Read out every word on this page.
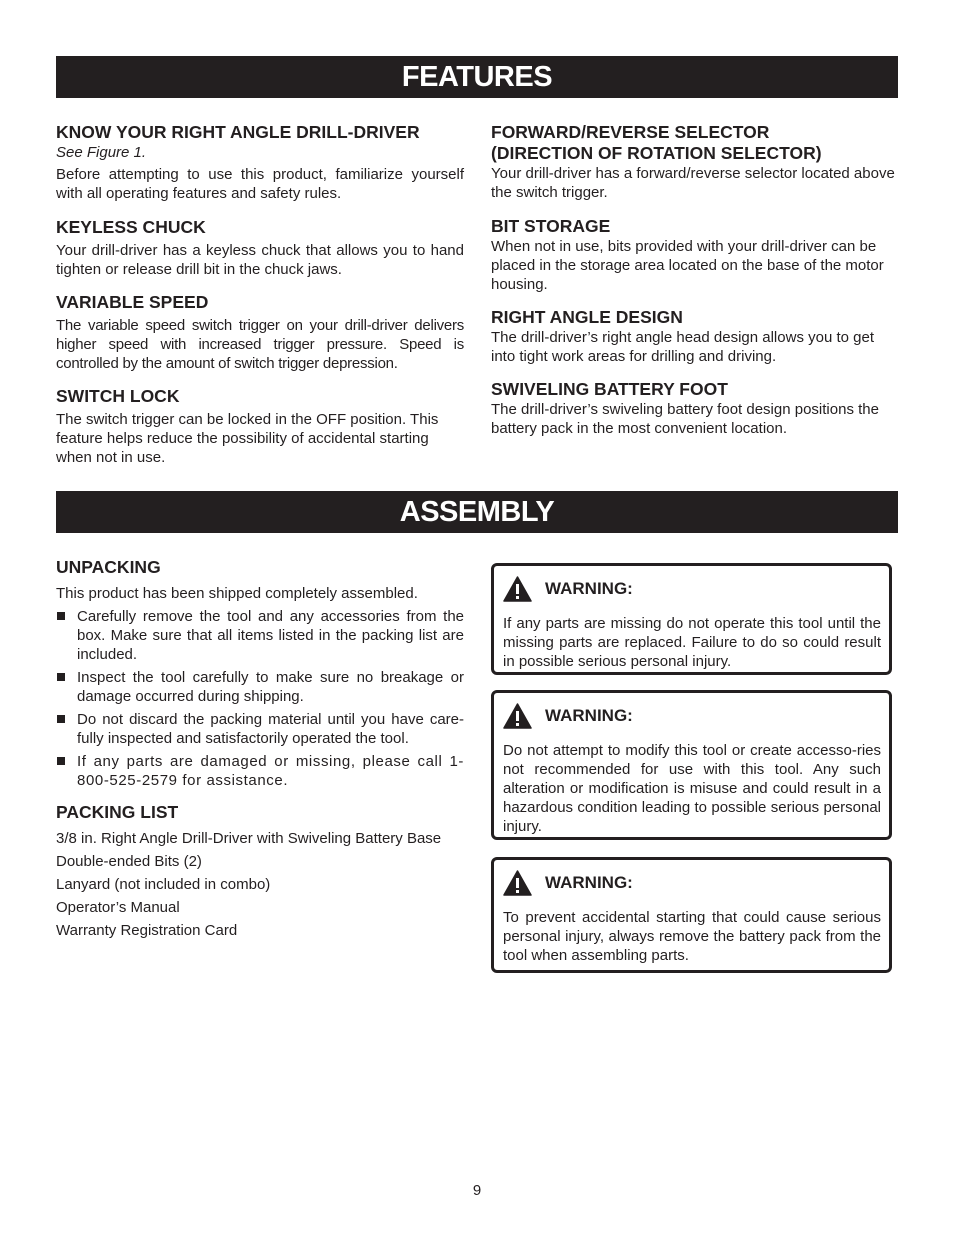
FEATURES
KNOW YOUR RIGHT ANGLE DRILL-DRIVER

See Figure 1.

Before attempting to use this product, familiarize yourself with all operating features and safety rules.

KEYLESS CHUCK

Your drill-driver has a keyless chuck that allows you to hand tighten or release drill bit in the chuck jaws.

VARIABLE SPEED

The variable speed switch trigger on your drill-driver delivers higher speed with increased trigger pressure. Speed is controlled by the amount of switch trigger depression.

SWITCH LOCK

The switch trigger can be locked in the OFF position. This feature helps reduce the possibility of accidental starting when not in use.

FORWARD/REVERSE SELECTOR
(DIRECTION OF ROTATION SELECTOR)

Your drill-driver has a forward/reverse selector located above the switch trigger.

BIT STORAGE

When not in use, bits provided with your drill-driver can be placed in the storage area located on the base of the motor housing.

RIGHT ANGLE DESIGN

The drill-driver’s right angle head design allows you to get into tight work areas for drilling and driving.

SWIVELING BATTERY FOOT

The drill-driver’s swiveling battery foot design positions the battery pack in the most convenient location.

ASSEMBLY
UNPACKING

This product has been shipped completely assembled.

Carefully remove the tool and any accessories from the box. Make sure that all items listed in the packing list are included.
Inspect the tool carefully to make sure no breakage or damage occurred during shipping.
Do not discard the packing material until you have care-fully inspected and satisfactorily operated the tool.
If any parts are damaged or missing, please call 1-800-525-2579 for assistance.
PACKING LIST

3/8 in. Right Angle Drill-Driver with Swiveling Battery Base

Double-ended Bits (2)

Lanyard (not included in combo)

Operator’s Manual

Warranty Registration Card

WARNING:

If any parts are missing do not operate this tool until the missing parts are replaced. Failure to do so could result in possible serious personal injury.

WARNING:

Do not attempt to modify this tool or create accesso-ries not recommended for use with this tool. Any such alteration or modification is misuse and could result in a hazardous condition leading to possible serious personal injury.

WARNING:

To prevent accidental starting that could cause serious personal injury, always remove the battery pack from the tool when assembling parts.

9
